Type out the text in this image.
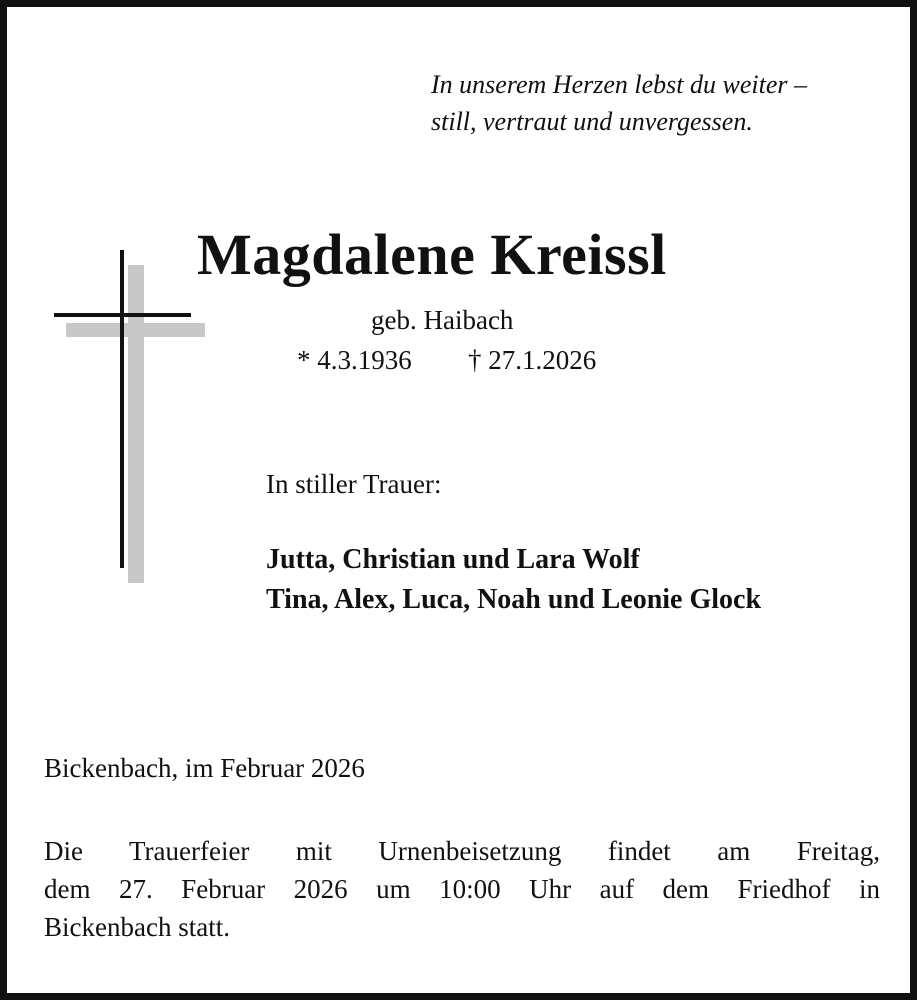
In unserem Herzen lebst du weiter –
still, vertraut und unvergessen.
Magdalene Kreissl
geb. Haibach
* 4.3.1936 † 27.1.2026
In stiller Trauer:
Jutta, Christian und Lara Wolf
Tina, Alex, Luca, Noah und Leonie Glock
Bickenbach, im Februar 2026
Die Trauerfeier mit Urnenbeisetzung findet am Freitag,
dem 27. Februar 2026 um 10:00 Uhr auf dem Friedhof in
Bickenbach statt.
